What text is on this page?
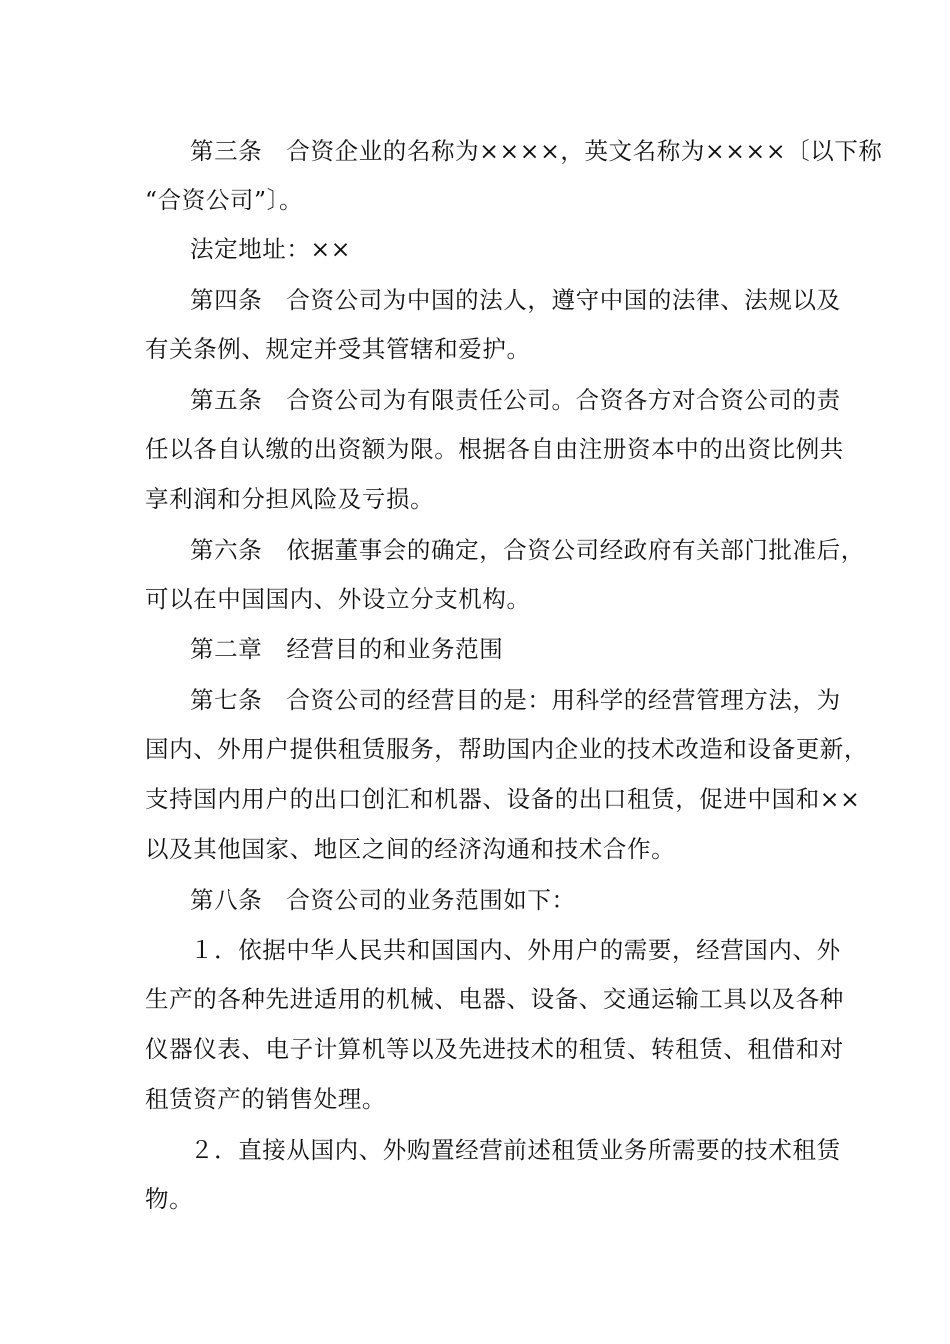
第三条　合资企业的名称为××××，英文名称为××××〔以下称
“合资公司”〕。
法定地址：××
第四条　合资公司为中国的法人，遵守中国的法律、法规以及
有关条例、规定并受其管辖和爱护。
第五条　合资公司为有限责任公司。合资各方对合资公司的责
任以各自认缴的出资额为限。根据各自由注册资本中的出资比例共
享利润和分担风险及亏损。
第六条　依据董事会的确定，合资公司经政府有关部门批准后，
可以在中国国内、外设立分支机构。
第二章　经营目的和业务范围
第七条　合资公司的经营目的是：用科学的经营管理方法，为
国内、外用户提供租赁服务，帮助国内企业的技术改造和设备更新，
支持国内用户的出口创汇和机器、设备的出口租赁，促进中国和××
以及其他国家、地区之间的经济沟通和技术合作。
第八条　合资公司的业务范围如下：
１．依据中华人民共和国国内、外用户的需要，经营国内、外
生产的各种先进适用的机械、电器、设备、交通运输工具以及各种
仪器仪表、电子计算机等以及先进技术的租赁、转租赁、租借和对
租赁资产的销售处理。
２．直接从国内、外购置经营前述租赁业务所需要的技术租赁
物。
